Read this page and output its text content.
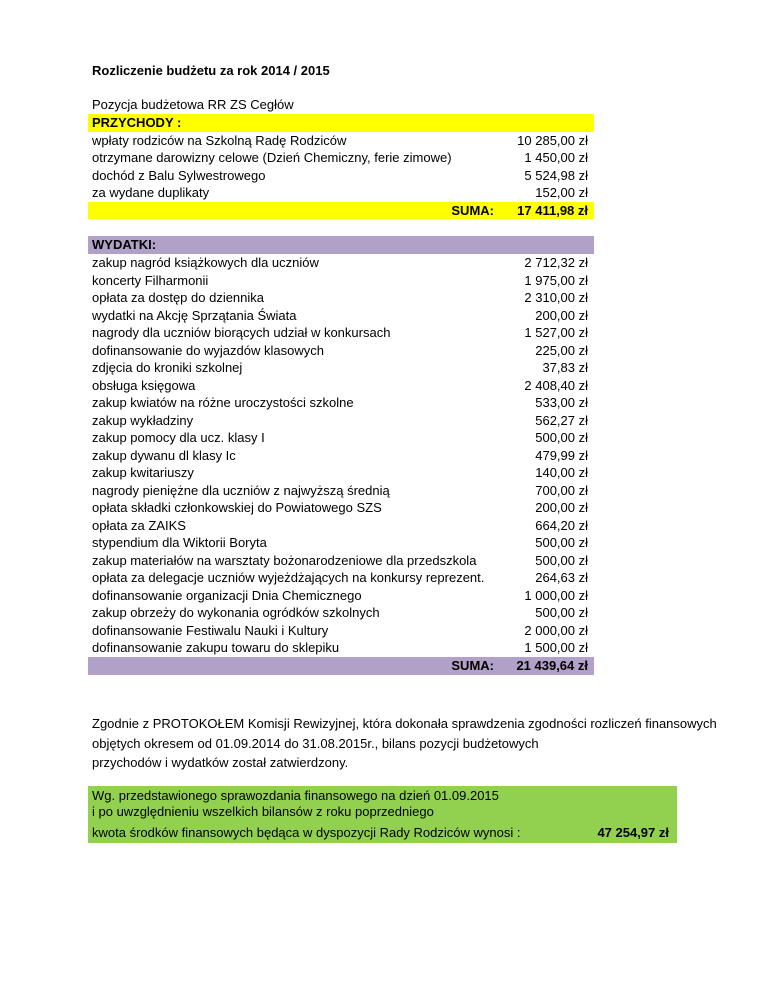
Rozliczenie budżetu za rok 2014 / 2015
Pozycja budżetowa RR ZS Cegłów
PRZYCHODY :
wpłaty rodziców na Szkolną Radę Rodziców	10 285,00 zł
otrzymane darowizny celowe (Dzień Chemiczny, ferie zimowe)	1 450,00 zł
dochód z Balu Sylwestrowego	5 524,98 zł
za wydane duplikaty	152,00 zł
SUMA: 17 411,98 zł
WYDATKI:
zakup nagród książkowych dla uczniów	2 712,32 zł
koncerty Filharmonii	1 975,00 zł
opłata za dostęp do dziennika	2 310,00 zł
wydatki na Akcję Sprzątania Świata	200,00 zł
nagrody dla uczniów biorących udział w konkursach	1 527,00 zł
dofinansowanie do wyjazdów klasowych	225,00 zł
zdjęcia do kroniki szkolnej	37,83 zł
obsługa księgowa	2 408,40 zł
zakup kwiatów na różne uroczystości szkolne	533,00 zł
zakup wykładziny	562,27 zł
zakup pomocy dla ucz. klasy I	500,00 zł
zakup dywanu dl klasy Ic	479,99 zł
zakup kwitariuszy	140,00 zł
nagrody pieniężne dla uczniów z najwyższą średnią	700,00 zł
opłata składki członkowskiej do Powiatowego SZS	200,00 zł
opłata za ZAIKS	664,20 zł
stypendium dla Wiktorii Boryta	500,00 zł
zakup materiałów na warsztaty bożonarodzeniowe dla przedszkola	500,00 zł
opłata za delegacje uczniów wyjeżdżających na konkursy reprezent.	264,63 zł
dofinansowanie organizacji Dnia Chemicznego	1 000,00 zł
zakup obrzeży do wykonania ogródków szkolnych	500,00 zł
dofinansowanie Festiwalu Nauki i Kultury	2 000,00 zł
dofinansowanie zakupu towaru do sklepiku	1 500,00 zł
SUMA: 21 439,64 zł
Zgodnie z PROTOKOŁEM Komisji Rewizyjnej, która dokonała sprawdzenia zgodności rozliczeń finansowych
objętych okresem od 01.09.2014 do 31.08.2015r., bilans pozycji budżetowych
przychodów i wydatków został zatwierdzony.
Wg. przedstawionego sprawozdania finansowego na dzień 01.09.2015
i po uwzględnieniu wszelkich bilansów z roku poprzedniego
kwota środków finansowych będąca w dyspozycji Rady Rodziców wynosi :	47 254,97 zł
